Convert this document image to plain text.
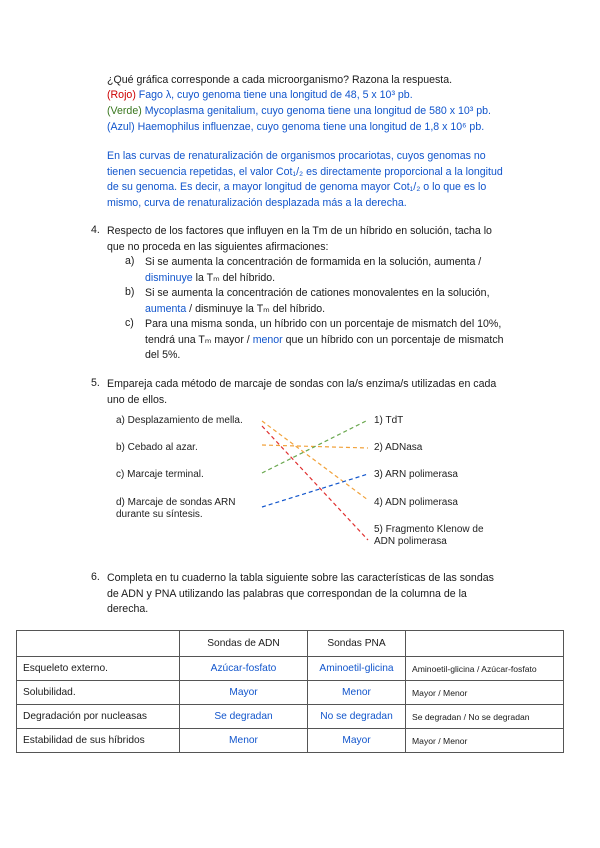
¿Qué gráfica corresponde a cada microorganismo? Razona la respuesta.
(Rojo) Fago λ, cuyo genoma tiene una longitud de 48, 5 x 10³ pb.
(Verde) Mycoplasma genitalium, cuyo genoma tiene una longitud de 580 x 10³ pb.
(Azul) Haemophilus influenzae, cuyo genoma tiene una longitud de 1,8 x 10⁶ pb.
En las curvas de renaturalización de organismos procariotas, cuyos genomas no
tienen secuencia repetidas, el valor Cot₁/₂ es directamente proporcional a la longitud
de su genoma. Es decir, a mayor longitud de genoma mayor Cot₁/₂ o lo que es lo
mismo, curva de renaturalización desplazada más a la derecha.
4. Respecto de los factores que influyen en la Tm de un híbrido en solución, tacha lo
que no proceda en las siguientes afirmaciones:
a) Si se aumenta la concentración de formamida en la solución, aumenta /
disminuye la Tₘ del híbrido.
b) Si se aumenta la concentración de cationes monovalentes en la solución,
aumenta / disminuye la Tₘ del híbrido.
c) Para una misma sonda, un híbrido con un porcentaje de mismatch del 10%,
tendrá una Tₘ mayor / menor que un híbrido con un porcentaje de mismatch
del 5%.
5. Empareja cada método de marcaje de sondas con la/s enzima/s utilizadas en cada
uno de ellos.
a) Desplazamiento de mella.
b) Cebado al azar.
c) Marcaje terminal.
d) Marcaje de sondas ARN
durante su síntesis.
1) TdT
2) ADNasa
3) ARN polimerasa
4) ADN polimerasa
5) Fragmento Klenow de
ADN polimerasa
6. Completa en tu cuaderno la tabla siguiente sobre las características de las sondas
de ADN y PNA utilizando las palabras que correspondan de la columna de la
derecha.
	Sondas de ADN	Sondas PNA	
Esqueleto externo.	Azúcar-fosfato	Aminoetil-glicina	Aminoetil-glicina / Azúcar-fosfato
Solubilidad.	Mayor	Menor	Mayor / Menor
Degradación por nucleasas	Se degradan	No se degradan	Se degradan / No se degradan
Estabilidad de sus híbridos	Menor	Mayor	Mayor / Menor
